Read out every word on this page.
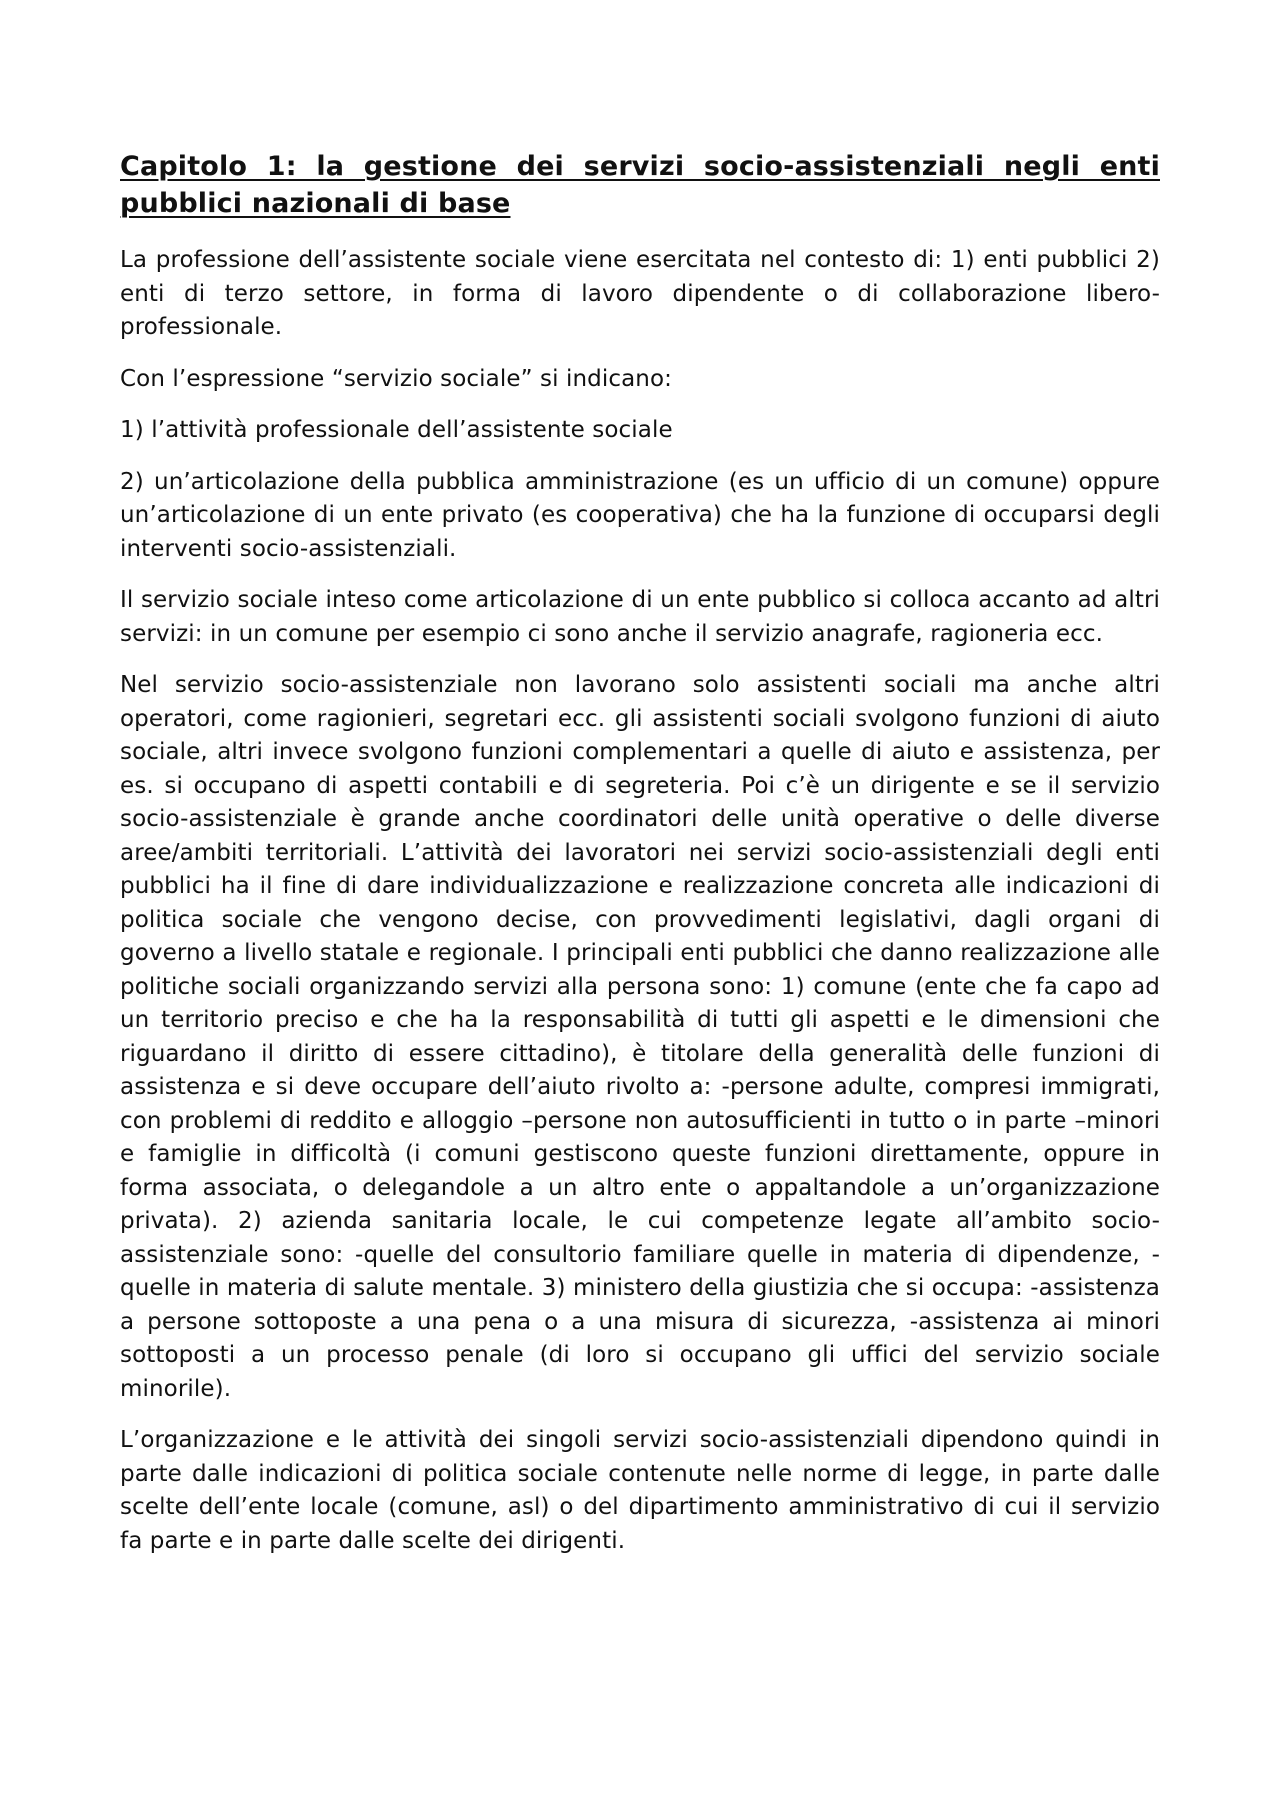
Capitolo 1: la gestione dei servizi socio-assistenziali negli enti pubblici nazionali di base

La professione dell’assistente sociale viene esercitata nel contesto di: 1) enti pubblici 2) enti di terzo settore, in forma di lavoro dipendente o di collaborazione libero-professionale.

Con l’espressione “servizio sociale” si indicano:

1) l’attività professionale dell’assistente sociale

2) un’articolazione della pubblica amministrazione (es un ufficio di un comune) oppure un’articolazione di un ente privato (es cooperativa) che ha la funzione di occuparsi degli interventi socio-assistenziali.

Il servizio sociale inteso come articolazione di un ente pubblico si colloca accanto ad altri servizi: in un comune per esempio ci sono anche il servizio anagrafe, ragioneria ecc.

Nel servizio socio-assistenziale non lavorano solo assistenti sociali ma anche altri operatori, come ragionieri, segretari ecc. gli assistenti sociali svolgono funzioni di aiuto sociale, altri invece svolgono funzioni complementari a quelle di aiuto e assistenza, per es. si occupano di aspetti contabili e di segreteria. Poi c’è un dirigente e se il servizio socio-assistenziale è grande anche coordinatori delle unità operative o delle diverse aree/ambiti territoriali. L’attività dei lavoratori nei servizi socio-assistenziali degli enti pubblici ha il fine di dare individualizzazione e realizzazione concreta alle indicazioni di politica sociale che vengono decise, con provvedimenti legislativi, dagli organi di governo a livello statale e regionale. I principali enti pubblici che danno realizzazione alle politiche sociali organizzando servizi alla persona sono: 1) comune (ente che fa capo ad un territorio preciso e che ha la responsabilità di tutti gli aspetti e le dimensioni che riguardano il diritto di essere cittadino), è titolare della generalità delle funzioni di assistenza e si deve occupare dell’aiuto rivolto a: -persone adulte, compresi immigrati, con problemi di reddito e alloggio –persone non autosufficienti in tutto o in parte –minori e famiglie in difficoltà (i comuni gestiscono queste funzioni direttamente, oppure in forma associata, o delegandole a un altro ente o appaltandole a un’organizzazione privata). 2) azienda sanitaria locale, le cui competenze legate all’ambito socio-assistenziale sono: -quelle del consultorio familiare quelle in materia di dipendenze, -quelle in materia di salute mentale. 3) ministero della giustizia che si occupa: -assistenza a persone sottoposte a una pena o a una misura di sicurezza, -assistenza ai minori sottoposti a un processo penale (di loro si occupano gli uffici del servizio sociale minorile).

L’organizzazione e le attività dei singoli servizi socio-assistenziali dipendono quindi in parte dalle indicazioni di politica sociale contenute nelle norme di legge, in parte dalle scelte dell’ente locale (comune, asl) o del dipartimento amministrativo di cui il servizio fa parte e in parte dalle scelte dei dirigenti.
